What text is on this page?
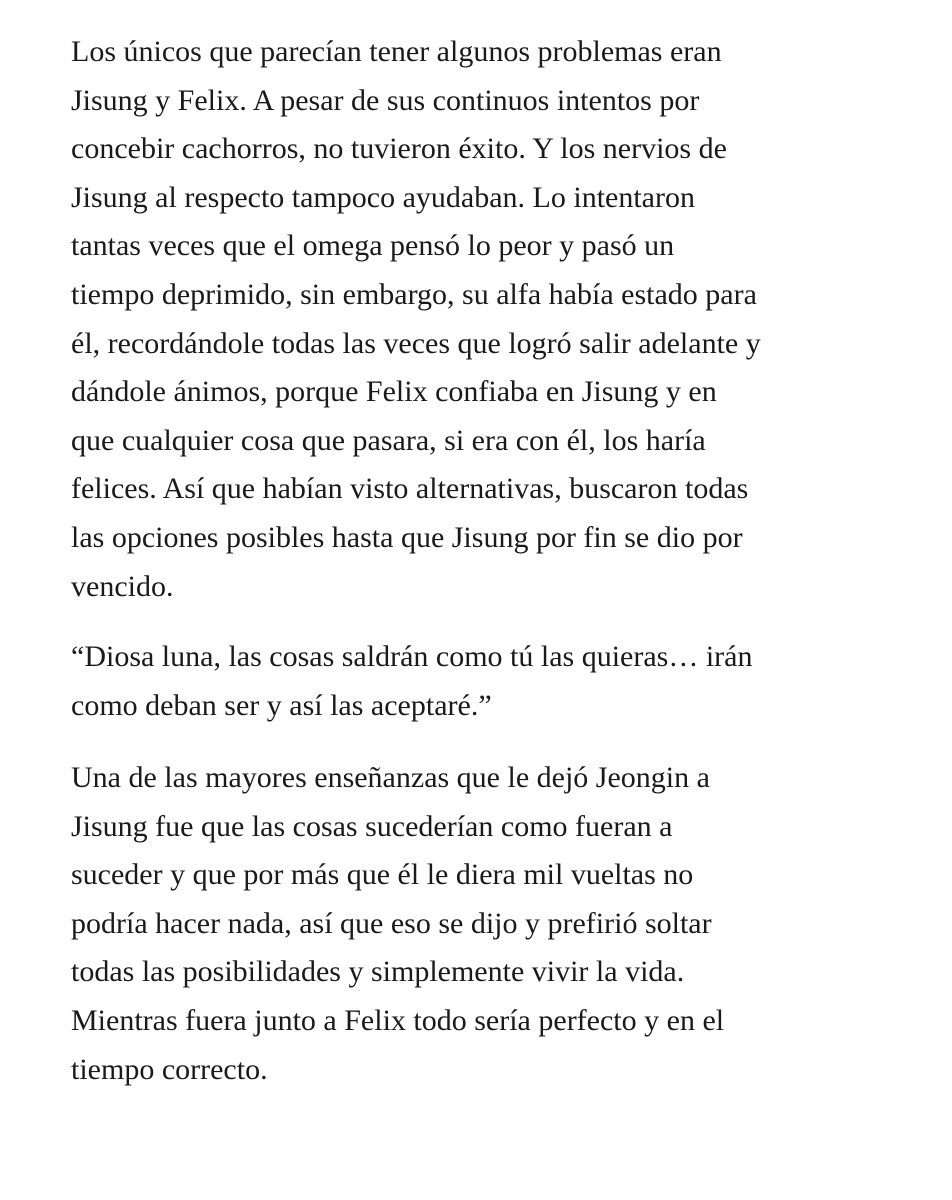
Los únicos que parecían tener algunos problemas eran
Jisung y Felix. A pesar de sus continuos intentos por
concebir cachorros, no tuvieron éxito. Y los nervios de
Jisung al respecto tampoco ayudaban. Lo intentaron
tantas veces que el omega pensó lo peor y pasó un
tiempo deprimido, sin embargo, su alfa había estado para
él, recordándole todas las veces que logró salir adelante y
dándole ánimos, porque Felix confiaba en Jisung y en
que cualquier cosa que pasara, si era con él, los haría
felices. Así que habían visto alternativas, buscaron todas
las opciones posibles hasta que Jisung por fin se dio por
vencido.

“Diosa luna, las cosas saldrán como tú las quieras… irán
como deban ser y así las aceptaré.”

Una de las mayores enseñanzas que le dejó Jeongin a
Jisung fue que las cosas sucederían como fueran a
suceder y que por más que él le diera mil vueltas no
podría hacer nada, así que eso se dijo y prefirió soltar
todas las posibilidades y simplemente vivir la vida.
Mientras fuera junto a Felix todo sería perfecto y en el
tiempo correcto.
